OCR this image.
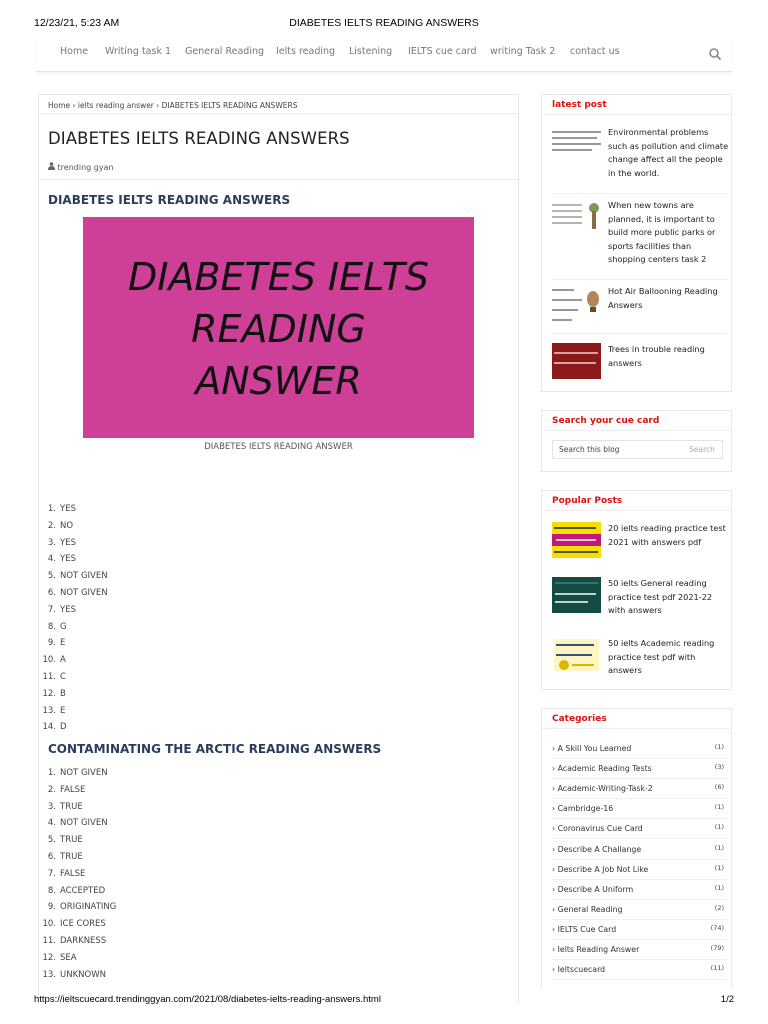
12/23/21, 5:23 AM	DIABETES IELTS READING ANSWERS
Home Writing task 1 General Reading Ielts reading Listening IELTS cue card writing Task 2 contact us
Home › ielts reading answer › DIABETES IELTS READING ANSWERS
DIABETES IELTS READING ANSWERS
trending gyan
DIABETES IELTS READING ANSWERS
DIABETES IELTS
READING
ANSWER
DIABETES IELTS READING ANSWER
1. YES
2. NO
3. YES
4. YES
5. NOT GIVEN
6. NOT GIVEN
7. YES
8. G
9. E
10. A
11. C
12. B
13. E
14. D
CONTAMINATING THE ARCTIC READING ANSWERS
1. NOT GIVEN
2. FALSE
3. TRUE
4. NOT GIVEN
5. TRUE
6. TRUE
7. FALSE
8. ACCEPTED
9. ORIGINATING
10. ICE CORES
11. DARKNESS
12. SEA
13. UNKNOWN
latest post
Environmental problems such as pollution and climate change affect all the people in the world.
When new towns are planned, it is important to build more public parks or sports facilities than shopping centers task 2
Hot Air Ballooning Reading Answers
Trees in trouble reading answers
Search your cue card
Search this blog
Search
Popular Posts
20 ielts reading practice test 2021 with answers pdf
50 ielts General reading practice test pdf 2021-22 with answers
50 ielts Academic reading practice test pdf with answers
Categories
› A Skill You Learned	(1)
› Academic Reading Tests	(3)
› Academic-Writing-Task-2	(6)
› Cambridge-16	(1)
› Coronavirus Cue Card	(1)
› Describe A Challange	(1)
› Describe A Job Not Like	(1)
› Describe A Uniform	(1)
› General Reading	(2)
› IELTS Cue Card	(74)
› Ielts Reading Answer	(79)
› Ieltscuecard	(11)
https://ieltscuecard.trendinggyan.com/2021/08/diabetes-ielts-reading-answers.html	1/2
